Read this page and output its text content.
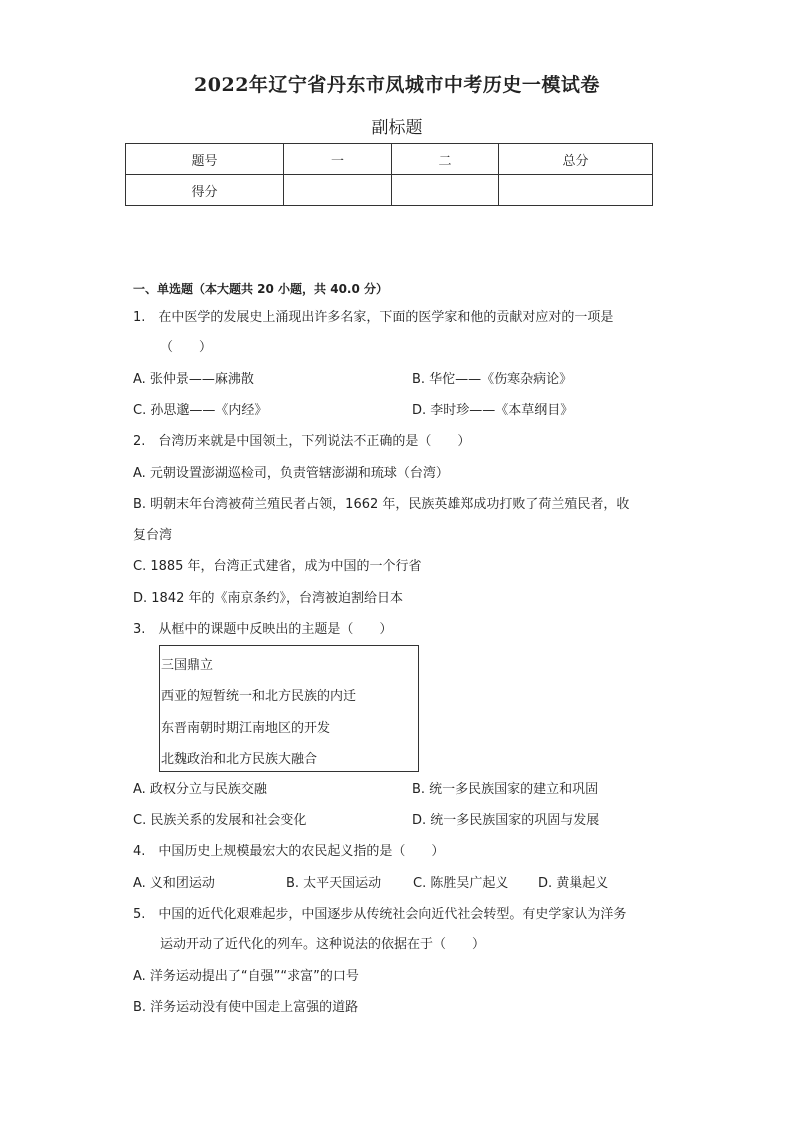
2022年辽宁省丹东市凤城市中考历史一模试卷
副标题
题号	一	二	总分
得分			
一、单选题（本大题共 20 小题，共 40.0 分）
1.　在中医学的发展史上涌现出许多名家，下面的医学家和他的贡献对应对的一项是
（　　）
A. 张仲景——麻沸散	B. 华佗——《伤寒杂病论》
C. 孙思邈——《内经》	D. 李时珍——《本草纲目》
2.　台湾历来就是中国领土，下列说法不正确的是（　　）
A. 元朝设置澎湖巡检司，负责管辖澎湖和琉球（台湾）
B. 明朝末年台湾被荷兰殖民者占领，1662 年，民族英雄郑成功打败了荷兰殖民者，收
复台湾
C. 1885 年，台湾正式建省，成为中国的一个行省
D. 1842 年的《南京条约》，台湾被迫割给日本
3.　从框中的课题中反映出的主题是（　　）
三国鼎立
西亚的短暂统一和北方民族的内迁
东晋南朝时期江南地区的开发
北魏政治和北方民族大融合
A. 政权分立与民族交融	B. 统一多民族国家的建立和巩固
C. 民族关系的发展和社会变化	D. 统一多民族国家的巩固与发展
4.　中国历史上规模最宏大的农民起义指的是（　　）
A. 义和团运动	B. 太平天国运动 C. 陈胜吴广起义 D. 黄巢起义
5.　中国的近代化艰难起步，中国逐步从传统社会向近代社会转型。有史学家认为洋务
运动开动了近代化的列车。这种说法的依据在于（　　）
A. 洋务运动提出了“自强”“求富”的口号
B. 洋务运动没有使中国走上富强的道路
